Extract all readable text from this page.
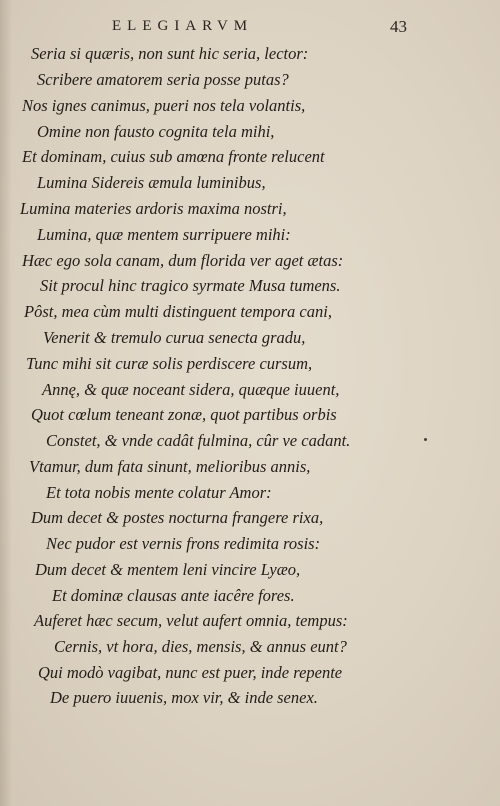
ELEGIARVM	43
Seria si quæris, non sunt hic seria, lector:
Scribere amatorem seria posse putas?
Nos ignes canimus, pueri nos tela volantis,
Omine non fausto cognita tela mihi,
Et dominam, cuius sub amœna fronte relucent
Lumina Sidereis æmula luminibus,
Lumina materies ardoris maxima nostri,
Lumina, quæ mentem surripuere mihi:
Hæc ego sola canam, dum florida ver aget ætas:
Sit procul hinc tragico syrmate Musa tumens.
Pôst, mea cùm multi distinguent tempora cani,
Venerit & tremulo curua senecta gradu,
Tunc mihi sit curæ solis perdiscere cursum,
Annę, & quæ noceant sidera, quæque iuuent,
Quot cœlum teneant zonæ, quot partibus orbis
Constet, & vnde cadât fulmina, cûr ve cadant.
Vtamur, dum fata sinunt, melioribus annis,
Et tota nobis mente colatur Amor:
Dum decet & postes nocturna frangere rixa,
Nec pudor est vernis frons redimita rosis:
Dum decet & mentem leni vincire Lyæo,
Et dominæ clausas ante iacêre fores.
Auferet hæc secum, velut aufert omnia, tempus:
Cernis, vt hora, dies, mensis, & annus eunt?
Qui modò vagibat, nunc est puer, inde repente
De puero iuuenis, mox vir, & inde senex.
